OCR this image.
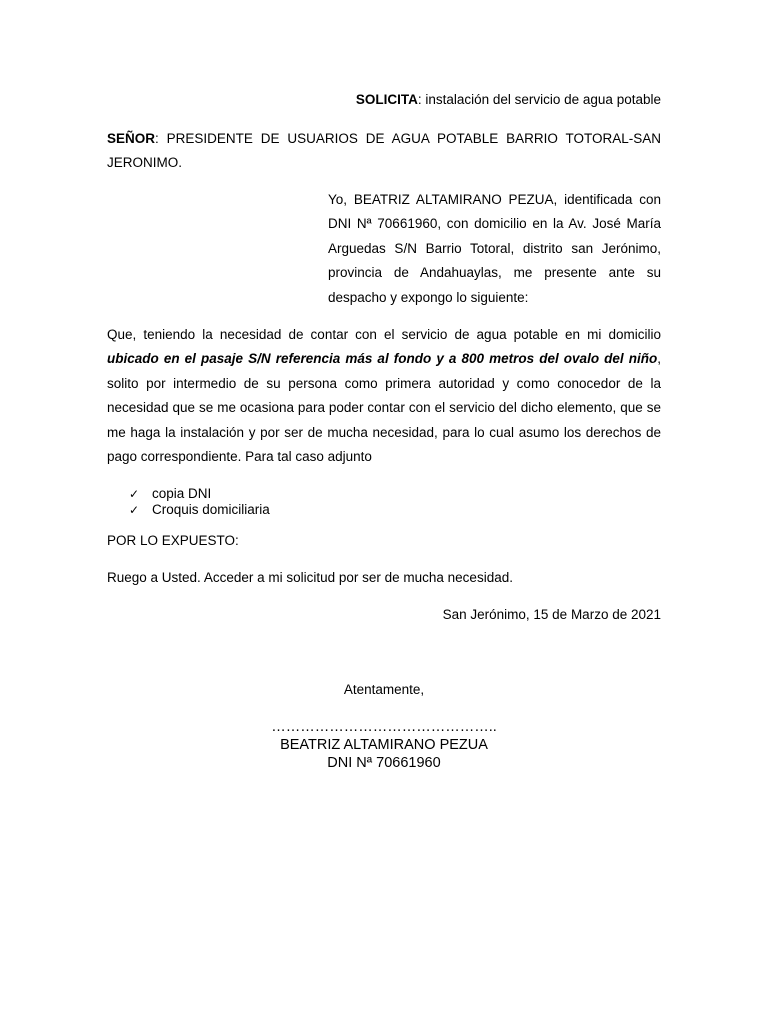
SOLICITA: instalación del servicio de agua potable
SEÑOR: PRESIDENTE DE USUARIOS DE AGUA POTABLE BARRIO TOTORAL-SAN JERONIMO.
Yo, BEATRIZ ALTAMIRANO PEZUA, identificada con DNI Nª 70661960, con domicilio en la Av. José María Arguedas S/N Barrio Totoral, distrito san Jerónimo, provincia de Andahuaylas, me presente ante su despacho y expongo lo siguiente:
Que, teniendo la necesidad de contar con el servicio de agua potable en mi domicilio ubicado en el pasaje S/N referencia más al fondo y a 800 metros del ovalo del niño, solito por intermedio de su persona como primera autoridad y como conocedor de la necesidad que se me ocasiona para poder contar con el servicio del dicho elemento, que se me haga la instalación y por ser de mucha necesidad, para lo cual asumo los derechos de pago correspondiente. Para tal caso adjunto
✓ copia DNI
✓ Croquis domiciliaria
POR LO EXPUESTO:
Ruego a Usted. Acceder a mi solicitud por ser de mucha necesidad.
San Jerónimo, 15 de Marzo de 2021
Atentamente,
………………………………………..
BEATRIZ ALTAMIRANO PEZUA
DNI Nª 70661960
